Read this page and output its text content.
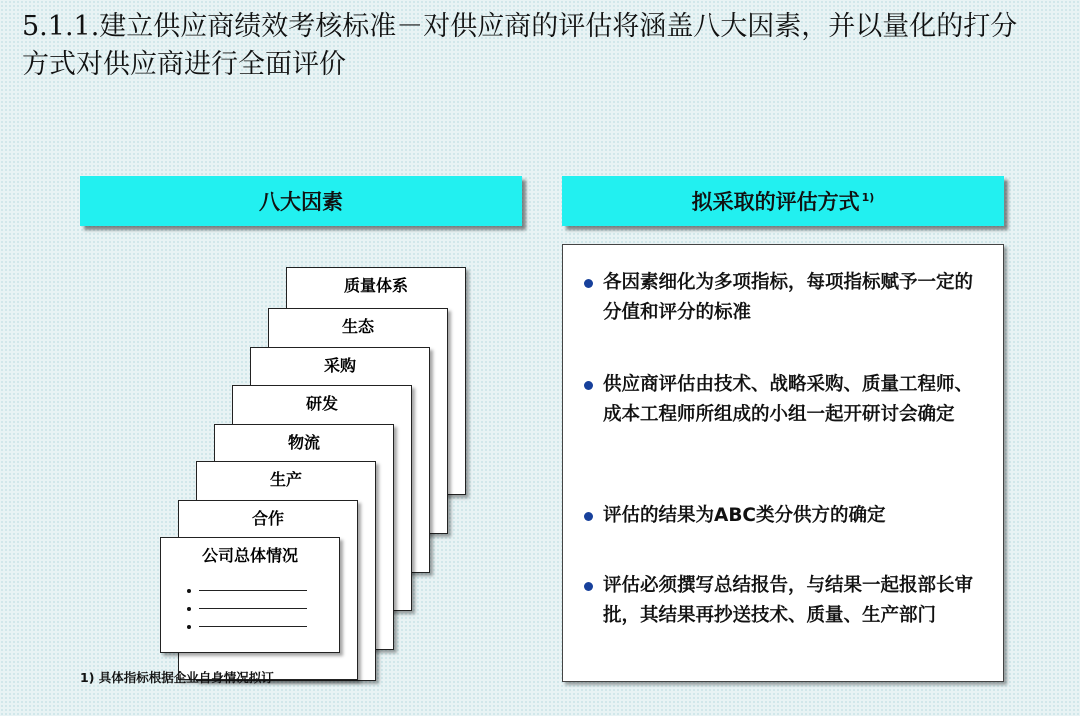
5.1.1.建立供应商绩效考核标准－对供应商的评估将涵盖八大因素，并以量化的打分方式对供应商进行全面评价
八大因素	拟采取的评估方式$^{1)}$
质量体系
生态
采购
研发
物流
生产
合作
公司总体情况
各因素细化为多项指标，每项指标赋予一定的分值和评分的标准
供应商评估由技术、战略采购、质量工程师、成本工程师所组成的小组一起开研讨会确定
评估的结果为ABC类分供方的确定
评估必须撰写总结报告，与结果一起报部长审批，其结果再抄送技术、质量、生产部门
1) 具体指标根据企业自身情况拟订
